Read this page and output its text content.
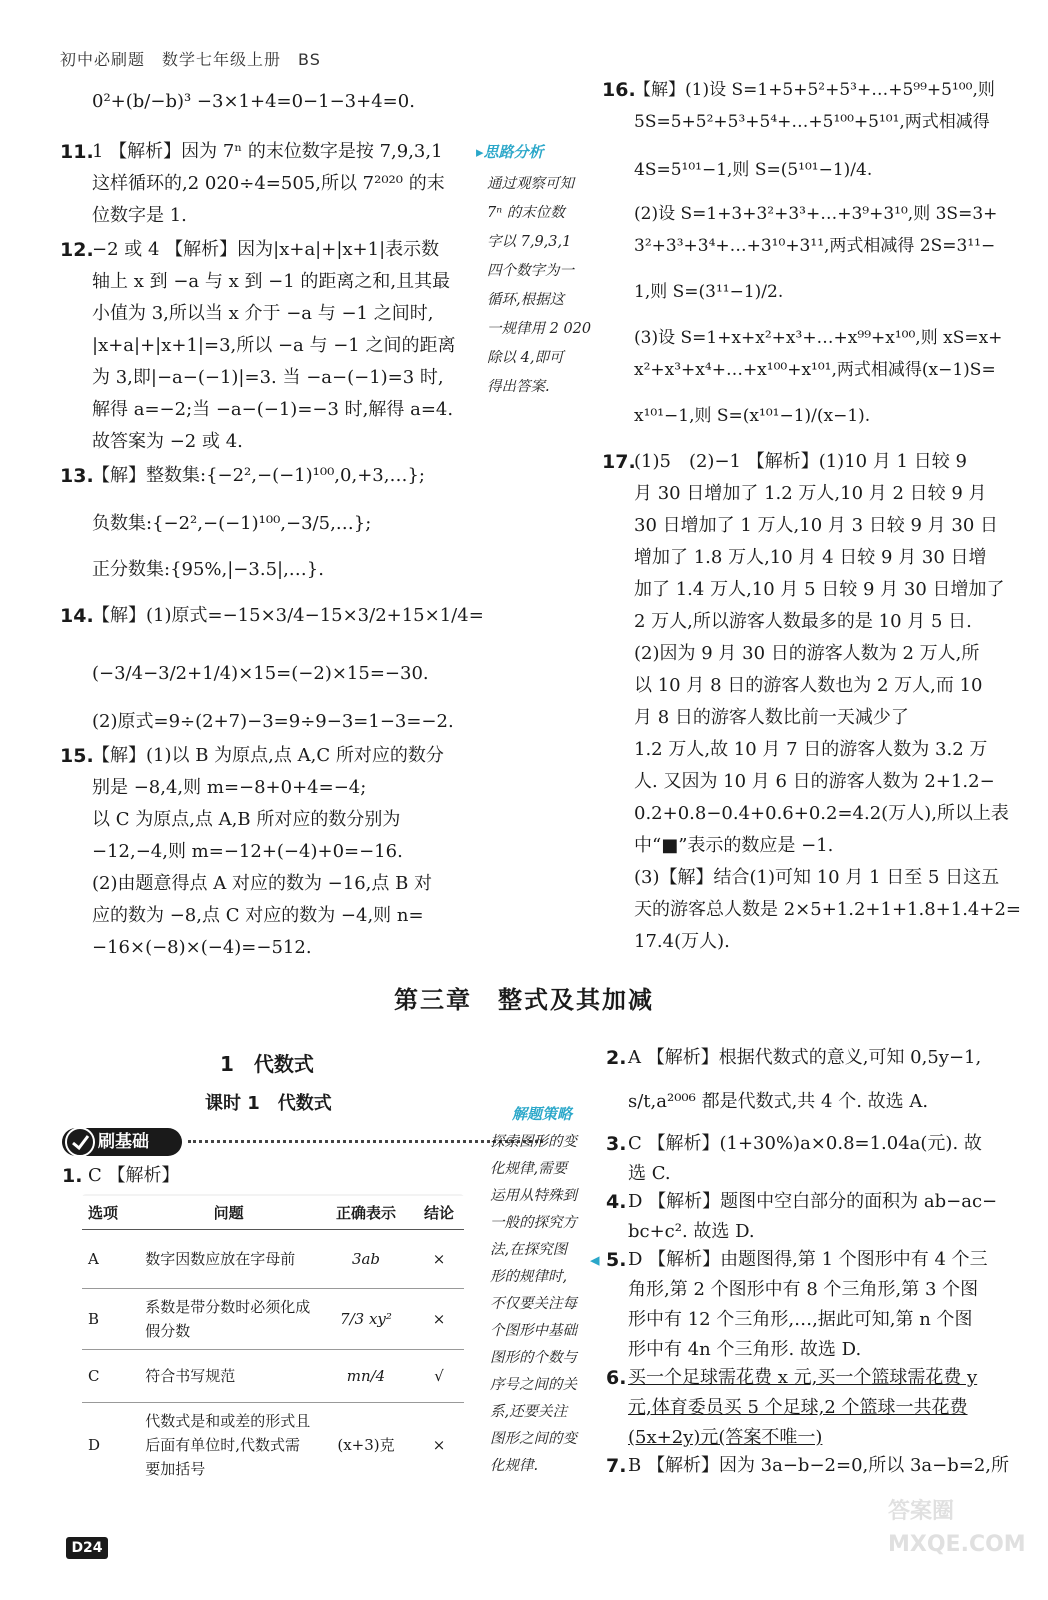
初中必刷题　数学七年级上册　BS
0²+(b/−b)³ −3×1+4=0−1−3+4=0.
11.
1 【解析】因为 7ⁿ 的末位数字是按 7,9,3,1
这样循环的,2 020÷4=505,所以 7²⁰²⁰ 的末
位数字是 1.
12.
−2 或 4 【解析】因为|x+a|+|x+1|表示数
轴上 x 到 −a 与 x 到 −1 的距离之和,且其最
小值为 3,所以当 x 介于 −a 与 −1 之间时,
|x+a|+|x+1|=3,所以 −a 与 −1 之间的距离
为 3,即|−a−(−1)|=3. 当 −a−(−1)=3 时,
解得 a=−2;当 −a−(−1)=−3 时,解得 a=4.
故答案为 −2 或 4.
13.
【解】整数集:{−2²,−(−1)¹⁰⁰,0,+3,…};
负数集:{−2²,−(−1)¹⁰⁰,−3/5,…};
正分数集:{95%,|−3.5|,…}.
14.
【解】(1)原式=−15×3/4−15×3/2+15×1/4=
(−3/4−3/2+1/4)×15=(−2)×15=−30.
(2)原式=9÷(2+7)−3=9÷9−3=1−3=−2.
15.
【解】(1)以 B 为原点,点 A,C 所对应的数分
别是 −8,4,则 m=−8+0+4=−4;
以 C 为原点,点 A,B 所对应的数分别为
−12,−4,则 m=−12+(−4)+0=−16.
(2)由题意得点 A 对应的数为 −16,点 B 对
应的数为 −8,点 C 对应的数为 −4,则 n=
−16×(−8)×(−4)=−512.
▸思路分析
通过观察可知
7ⁿ 的末位数
字以 7,9,3,1
四个数字为一
循环,根据这
一规律用 2 020
除以 4,即可
得出答案.
16.
【解】(1)设 S=1+5+5²+5³+…+5⁹⁹+5¹⁰⁰,则
5S=5+5²+5³+5⁴+…+5¹⁰⁰+5¹⁰¹,两式相减得
4S=5¹⁰¹−1,则 S=(5¹⁰¹−1)/4.
(2)设 S=1+3+3²+3³+…+3⁹+3¹⁰,则 3S=3+
3²+3³+3⁴+…+3¹⁰+3¹¹,两式相减得 2S=3¹¹−
1,则 S=(3¹¹−1)/2.
(3)设 S=1+x+x²+x³+…+x⁹⁹+x¹⁰⁰,则 xS=x+
x²+x³+x⁴+…+x¹⁰⁰+x¹⁰¹,两式相减得(x−1)S=
x¹⁰¹−1,则 S=(x¹⁰¹−1)/(x−1).
17.
(1)5　(2)−1 【解析】(1)10 月 1 日较 9
月 30 日增加了 1.2 万人,10 月 2 日较 9 月
30 日增加了 1 万人,10 月 3 日较 9 月 30 日
增加了 1.8 万人,10 月 4 日较 9 月 30 日增
加了 1.4 万人,10 月 5 日较 9 月 30 日增加了
2 万人,所以游客人数最多的是 10 月 5 日.
(2)因为 9 月 30 日的游客人数为 2 万人,所
以 10 月 8 日的游客人数也为 2 万人,而 10
月 8 日的游客人数比前一天减少了
1.2 万人,故 10 月 7 日的游客人数为 3.2 万
人. 又因为 10 月 6 日的游客人数为 2+1.2−
0.2+0.8−0.4+0.6+0.2=4.2(万人),所以上表
中“■”表示的数应是 −1.
(3)【解】结合(1)可知 10 月 1 日至 5 日这五
天的游客总人数是 2×5+1.2+1+1.8+1.4+2=
17.4(万人).
第三章　整式及其加减
1　代数式
课时 1　代数式
刷基础
1. C 【解析】
选项	问题	正确表示	结论
A	数字因数应放在字母前	3ab	×
B	系数是带分数时必须化成假分数	7/3 xy²	×
C	符合书写规范	mn/4	√
D	代数式是和或差的形式且后面有单位时,代数式需要加括号	(x+3)克	×
解题策略
探索图形的变
化规律,需要
运用从特殊到
一般的探究方
法,在探究图
形的规律时,
不仅要关注每
个图形中基础
图形的个数与
序号之间的关
系,还要关注
图形之间的变
化规律.
2. A 【解析】根据代数式的意义,可知 0,5y−1,
s/t,a²⁰⁰⁶ 都是代数式,共 4 个. 故选 A.
3. C 【解析】(1+30%)a×0.8=1.04a(元). 故
选 C.
4. D 【解析】题图中空白部分的面积为 ab−ac−
bc+c². 故选 D.
◂ 5. D 【解析】由题图得,第 1 个图形中有 4 个三
角形,第 2 个图形中有 8 个三角形,第 3 个图
形中有 12 个三角形,…,据此可知,第 n 个图
形中有 4n 个三角形. 故选 D.
6. 买一个足球需花费 x 元,买一个篮球需花费 y
元,体育委员买 5 个足球,2 个篮球一共花费
(5x+2y)元(答案不唯一)
7. B 【解析】因为 3a−b−2=0,所以 3a−b=2,所
D24
答案圈 MXQE.COM
